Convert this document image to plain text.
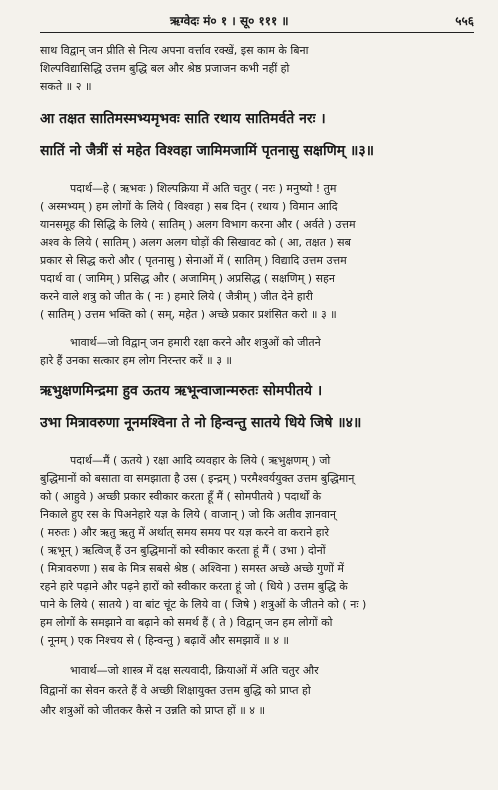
ऋग्वेदः मं० १ । सू० १११ ॥	५५६
साथ विद्वान् जन प्रीति से नित्य अपना वर्त्ताव रक्खें, इस काम के बिना
शिल्पविद्यासिद्धि उत्तम बुद्धि बल और श्रेष्ठ प्रजाजन कभी नहीं हो
सकते ॥ २ ॥
आ तक्षत सातिमस्मभ्यमृभवः साति रथाय सातिमर्वते नरः ।
सातिं नो जैत्रीं सं महेत विश्वहा जामिमजामिं पृतनासु सक्षणिम् ॥३॥
पदार्थ—हे ( ऋभवः ) शिल्पक्रिया में अति चतुर ( नरः ) मनुष्यो ! तुम
( अस्मभ्यम् ) हम लोगों के लिये ( विश्वहा ) सब दिन ( रथाय ) विमान आदि
यानसमूह की सिद्धि के लिये ( सातिम् ) अलग विभाग करना और ( अर्वते ) उत्तम
अश्व के लिये ( सातिम् ) अलग अलग घोड़ों की सिखावट को ( आ, तक्षत ) सब
प्रकार से सिद्ध करो और ( पृतनासु ) सेनाओं में ( सातिम् ) विद्यादि उत्तम उत्तम
पदार्थ वा ( जामिम् ) प्रसिद्ध और ( अजामिम् ) अप्रसिद्ध ( सक्षणिम् ) सहन
करने वाले शत्रु को जीत के ( नः ) हमारे लिये ( जैत्रीम् ) जीत देने हारी
( सातिम् ) उत्तम भक्ति को ( सम्, महेत ) अच्छे प्रकार प्रशंसित करो ॥ ३ ॥
भावार्थ—जो विद्वान् जन हमारी रक्षा करने और शत्रुओं को जीतने
हारे हैं उनका सत्कार हम लोग निरन्तर करें ॥ ३ ॥
ऋभुक्षणमिन्द्रमा हुव ऊतय ऋभून्वाजान्मरुतः सोमपीतये ।
उभा मित्रावरुणा नूनमश्विना ते नो हिन्वन्तु सातये धिये जिषे ॥४॥
पदार्थ—मैं ( ऊतये ) रक्षा आदि व्यवहार के लिये ( ऋभुक्षणम् ) जो
बुद्धिमानों को बसाता वा समझाता है उस ( इन्द्रम् ) परमैश्वर्ययुक्त उत्तम बुद्धिमान्
को ( आहुवे ) अच्छी प्रकार स्वीकार करता हूँ मैं ( सोमपीतये ) पदार्थों के
निकाले हुए रस के पिअनेहारे यज्ञ के लिये ( वाजान् ) जो कि अतीव ज्ञानवान्
( मरुतः ) और ऋतु ऋतु में अर्थात् समय समय पर यज्ञ करने वा कराने हारे
( ऋभून् ) ऋत्विज् हैं उन बुद्धिमानों को स्वीकार करता हूं मैं ( उभा ) दोनों
( मित्रावरुणा ) सब के मित्र सबसे श्रेष्ठ ( अश्विना ) समस्त अच्छे अच्छे गुणों में
रहने हारे पढ़ाने और पढ़ने हारों को स्वीकार करता हूं जो ( धिये ) उत्तम बुद्धि के
पाने के लिये ( सातये ) वा बांट चूंट के लिये वा ( जिषे ) शत्रुओं के जीतने को ( नः )
हम लोगों के समझाने वा बढ़ाने को समर्थ हैं ( ते ) विद्वान् जन हम लोगों को
( नूनम् ) एक निश्चय से ( हिन्वन्तु ) बढ़ावें और समझावें ॥ ४ ॥
भावार्थ—जो शास्त्र में दक्ष सत्यवादी, क्रियाओं में अति चतुर और
विद्वानों का सेवन करते हैं वे अच्छी शिक्षायुक्त उत्तम बुद्धि को प्राप्त हो
और शत्रुओं को जीतकर कैसे न उन्नति को प्राप्त हों ॥ ४ ॥
